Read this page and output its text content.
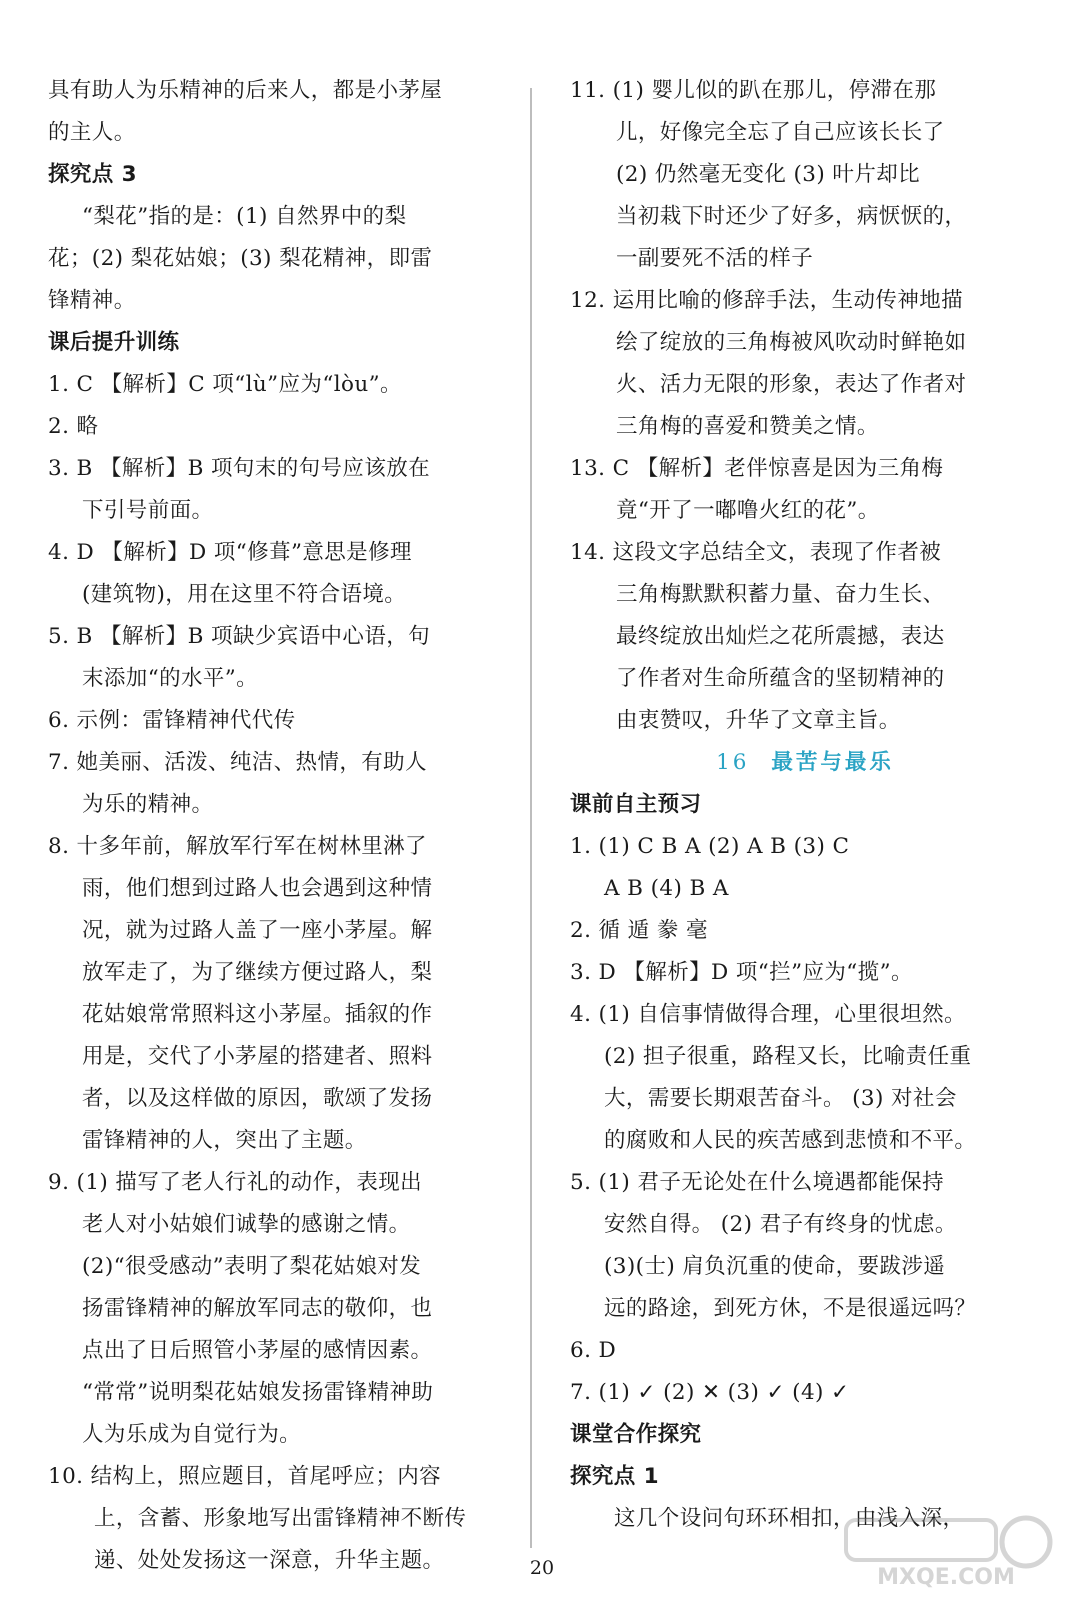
具有助人为乐精神的后来人，都是小茅屋
的主人。
探究点 3
“梨花”指的是：(1) 自然界中的梨
花；(2) 梨花姑娘；(3) 梨花精神，即雷
锋精神。
课后提升训练
1. C 【解析】C 项“lù”应为“lòu”。
2. 略
3. B 【解析】B 项句末的句号应该放在
下引号前面。
4. D 【解析】D 项“修葺”意思是修理
(建筑物)，用在这里不符合语境。
5. B 【解析】B 项缺少宾语中心语，句
末添加“的水平”。
6. 示例：雷锋精神代代传
7. 她美丽、活泼、纯洁、热情，有助人
为乐的精神。
8. 十多年前，解放军行军在树林里淋了
雨，他们想到过路人也会遇到这种情
况，就为过路人盖了一座小茅屋。解
放军走了，为了继续方便过路人，梨
花姑娘常常照料这小茅屋。插叙的作
用是，交代了小茅屋的搭建者、照料
者，以及这样做的原因，歌颂了发扬
雷锋精神的人，突出了主题。
9. (1) 描写了老人行礼的动作，表现出
老人对小姑娘们诚挚的感谢之情。
(2)“很受感动”表明了梨花姑娘对发
扬雷锋精神的解放军同志的敬仰，也
点出了日后照管小茅屋的感情因素。
“常常”说明梨花姑娘发扬雷锋精神助
人为乐成为自觉行为。
10. 结构上，照应题目，首尾呼应；内容
上，含蓄、形象地写出雷锋精神不断传
递、处处发扬这一深意，升华主题。
11. (1) 婴儿似的趴在那儿，停滞在那
儿，好像完全忘了自己应该长长了
(2) 仍然毫无变化 (3) 叶片却比
当初栽下时还少了好多，病恹恹的，
一副要死不活的样子
12. 运用比喻的修辞手法，生动传神地描
绘了绽放的三角梅被风吹动时鲜艳如
火、活力无限的形象，表达了作者对
三角梅的喜爱和赞美之情。
13. C 【解析】老伴惊喜是因为三角梅
竟“开了一嘟噜火红的花”。
14. 这段文字总结全文，表现了作者被
三角梅默默积蓄力量、奋力生长、
最终绽放出灿烂之花所震撼，表达
了作者对生命所蕴含的坚韧精神的
由衷赞叹，升华了文章主旨。
16 最苦与最乐
课前自主预习
1. (1) C B A (2) A B (3) C
A B (4) B A
2. 循 遁 豢 毫
3. D 【解析】D 项“拦”应为“揽”。
4. (1) 自信事情做得合理，心里很坦然。
(2) 担子很重，路程又长，比喻责任重
大，需要长期艰苦奋斗。 (3) 对社会
的腐败和人民的疾苦感到悲愤和不平。
5. (1) 君子无论处在什么境遇都能保持
安然自得。 (2) 君子有终身的忧虑。
(3)(士) 肩负沉重的使命，要跋涉遥
远的路途，到死方休，不是很遥远吗？
6. D
7. (1) ✓ (2) ✕ (3) ✓ (4) ✓
课堂合作探究
探究点 1
这几个设问句环环相扣，由浅入深，
20	MXQE.COM
